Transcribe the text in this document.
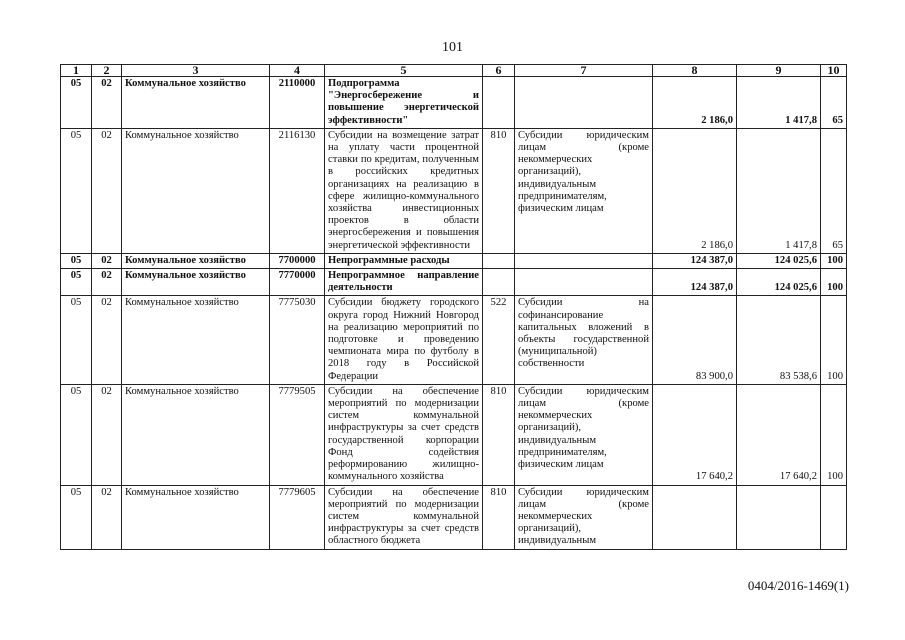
101
1	2	3	4	5	6	7	8	9	10
05	02	Коммунальное хозяйство	2110000	Подпрограмма "Энергосбережение и повышение энергетической эффективности"			2 186,0	1 417,8	65
05	02	Коммунальное хозяйство	2116130	Субсидии на возмещение затрат на уплату части процентной ставки по кредитам, полученным в российских кредитных организациях на реализацию в сфере жилищно-коммунального хозяйства инвестиционных проектов в области энергосбережения и повышения энергетической эффективности	810	Субсидии юридическим лицам (кроме некоммерческих организаций), индивидуальным предпринимателям, физическим лицам	2 186,0	1 417,8	65
05	02	Коммунальное хозяйство	7700000	Непрограммные расходы			124 387,0	124 025,6	100
05	02	Коммунальное хозяйство	7770000	Непрограммное направление деятельности			124 387,0	124 025,6	100
05	02	Коммунальное хозяйство	7775030	Субсидии бюджету городского округа город Нижний Новгород на реализацию мероприятий по подготовке и проведению чемпионата мира по футболу в 2018 году в Российской Федерации	522	Субсидии на софинансирование капитальных вложений в объекты государственной (муниципальной) собственности	83 900,0	83 538,6	100
05	02	Коммунальное хозяйство	7779505	Субсидии на обеспечение мероприятий по модернизации систем коммунальной инфраструктуры за счет средств государственной корпорации Фонд содействия реформированию жилищно-коммунального хозяйства	810	Субсидии юридическим лицам (кроме некоммерческих организаций), индивидуальным предпринимателям, физическим лицам	17 640,2	17 640,2	100
05	02	Коммунальное хозяйство	7779605	Субсидии на обеспечение мероприятий по модернизации систем коммунальной инфраструктуры за счет средств областного бюджета	810	Субсидии юридическим лицам (кроме некоммерческих организаций), индивидуальным			
0404/2016-1469(1)
